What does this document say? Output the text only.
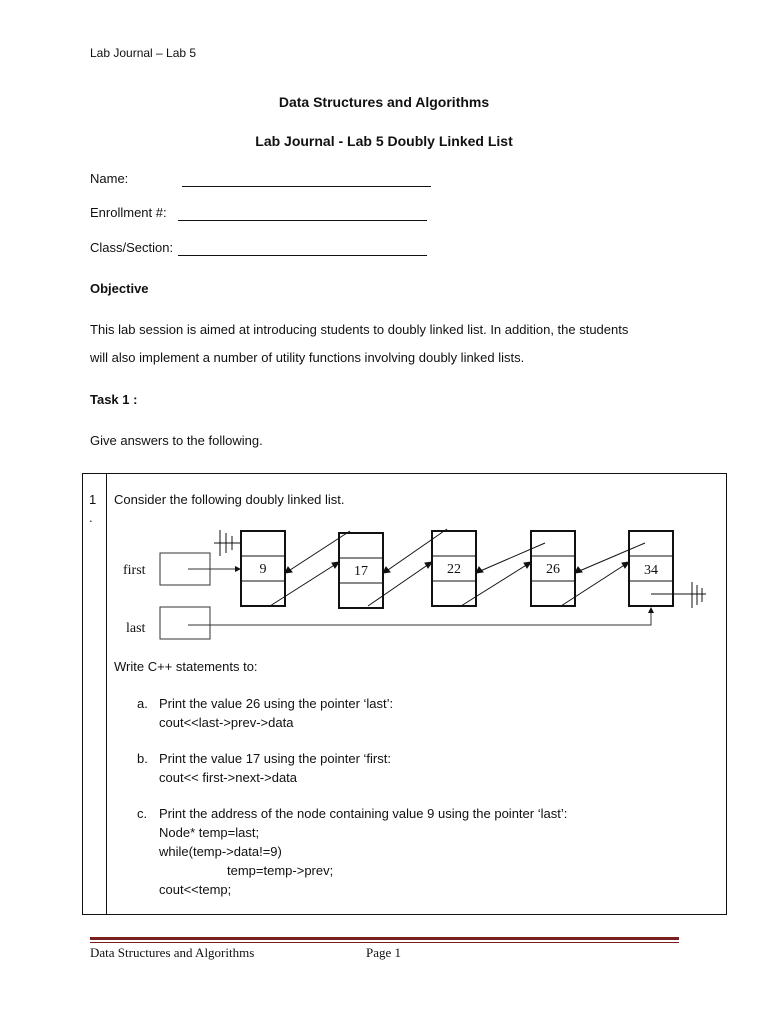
Lab Journal – Lab 5
Data Structures and Algorithms
Lab Journal - Lab 5 Doubly Linked List
Name:
Enrollment #:
Class/Section:
Objective
This lab session is aimed at introducing students to doubly linked list. In addition, the students
will also implement a number of utility functions involving doubly linked lists.
Task 1 :
Give answers to the following.
1
.
Consider the following doubly linked list.
first
last
9	17	22	26	34
Write C++ statements to:
a. Print the value 26 using the pointer ‘last’:
cout<<last->prev->data
b. Print the value 17 using the pointer ‘first:
cout<< first->next->data
c. Print the address of the node containing value 9 using the pointer ‘last’:
Node* temp=last;
while(temp->data!=9)
temp=temp->prev;
cout<<temp;
Data Structures and Algorithms	Page 1
